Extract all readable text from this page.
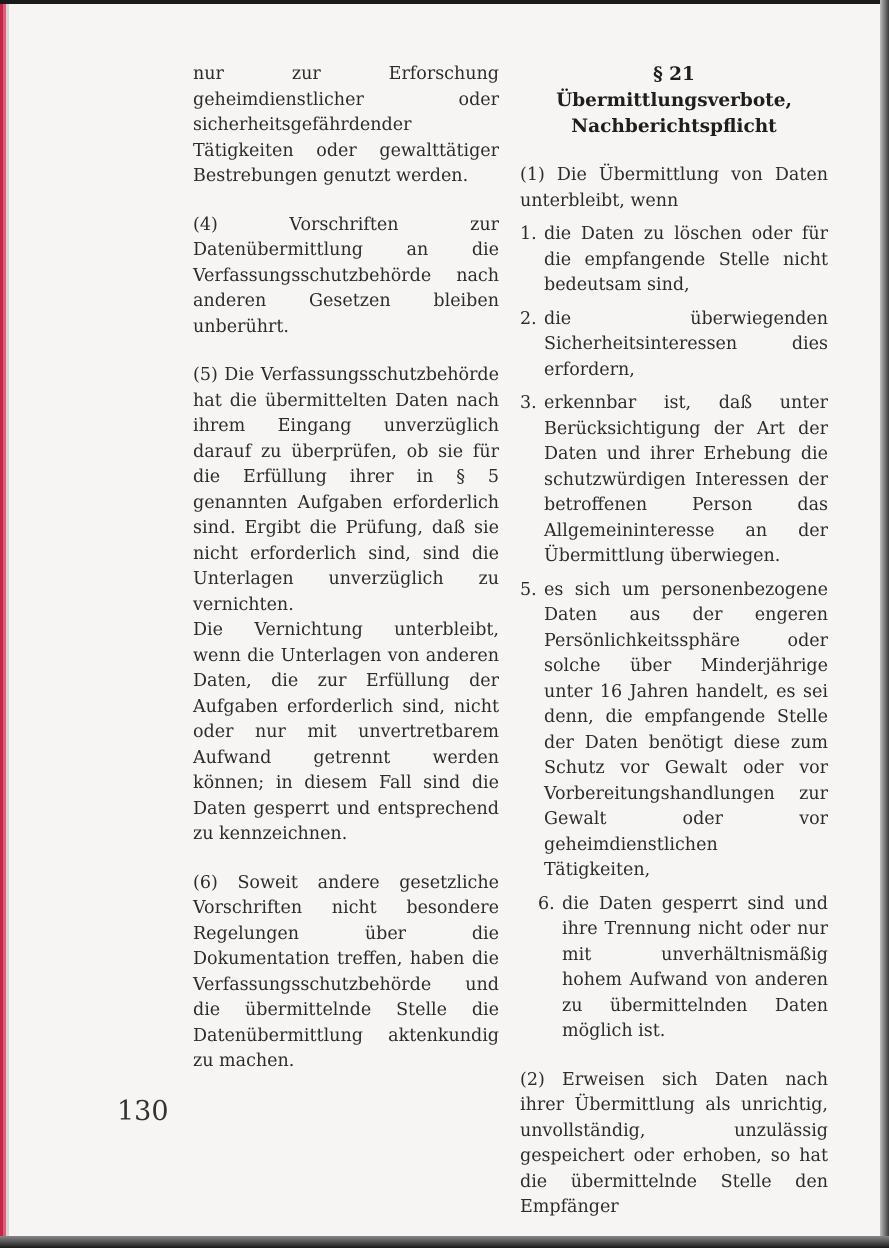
nur zur Erforschung geheimdienstlicher oder sicherheitsgefährdender Tätigkeiten oder gewalttätiger Bestrebungen genutzt werden.

(4) Vorschriften zur Datenübermittlung an die Verfassungsschutzbehörde nach anderen Gesetzen bleiben unberührt.

(5) Die Verfassungsschutzbehörde hat die übermittelten Daten nach ihrem Eingang unverzüglich darauf zu überprüfen, ob sie für die Erfüllung ihrer in § 5 genannten Aufgaben erforderlich sind. Ergibt die Prüfung, daß sie nicht erforderlich sind, sind die Unterlagen unverzüglich zu vernichten.

Die Vernichtung unterbleibt, wenn die Unterlagen von anderen Daten, die zur Erfüllung der Aufgaben erforderlich sind, nicht oder nur mit unvertretbarem Aufwand getrennt werden können; in diesem Fall sind die Daten gesperrt und entsprechend zu kennzeichnen.

(6) Soweit andere gesetzliche Vorschriften nicht besondere Regelungen über die Dokumentation treffen, haben die Verfassungsschutzbehörde und die übermittelnde Stelle die Datenübermittlung aktenkundig zu machen.

§ 21
Übermittlungsverbote, Nachberichtspflicht

(1) Die Übermittlung von Daten unterbleibt, wenn

1. die Daten zu löschen oder für die empfangende Stelle nicht bedeutsam sind,
2. die überwiegenden Sicherheitsinteressen dies erfordern,
3. erkennbar ist, daß unter Berücksichtigung der Art der Daten und ihrer Erhebung die schutzwürdigen Interessen der betroffenen Person das Allgemeininteresse an der Übermittlung überwiegen.
5. es sich um personenbezogene Daten aus der engeren Persönlichkeitssphäre oder solche über Minderjährige unter 16 Jahren handelt, es sei denn, die empfangende Stelle der Daten benötigt diese zum Schutz vor Gewalt oder vor Vorbereitungshandlungen zur Gewalt oder vor geheimdienstlichen Tätigkeiten,
6. die Daten gesperrt sind und ihre Trennung nicht oder nur mit unverhältnismäßig hohem Aufwand von anderen zu übermittelnden Daten möglich ist.

(2) Erweisen sich Daten nach ihrer Übermittlung als unrichtig, unvollständig, unzulässig gespeichert oder erhoben, so hat die übermittelnde Stelle den Empfänger

130
